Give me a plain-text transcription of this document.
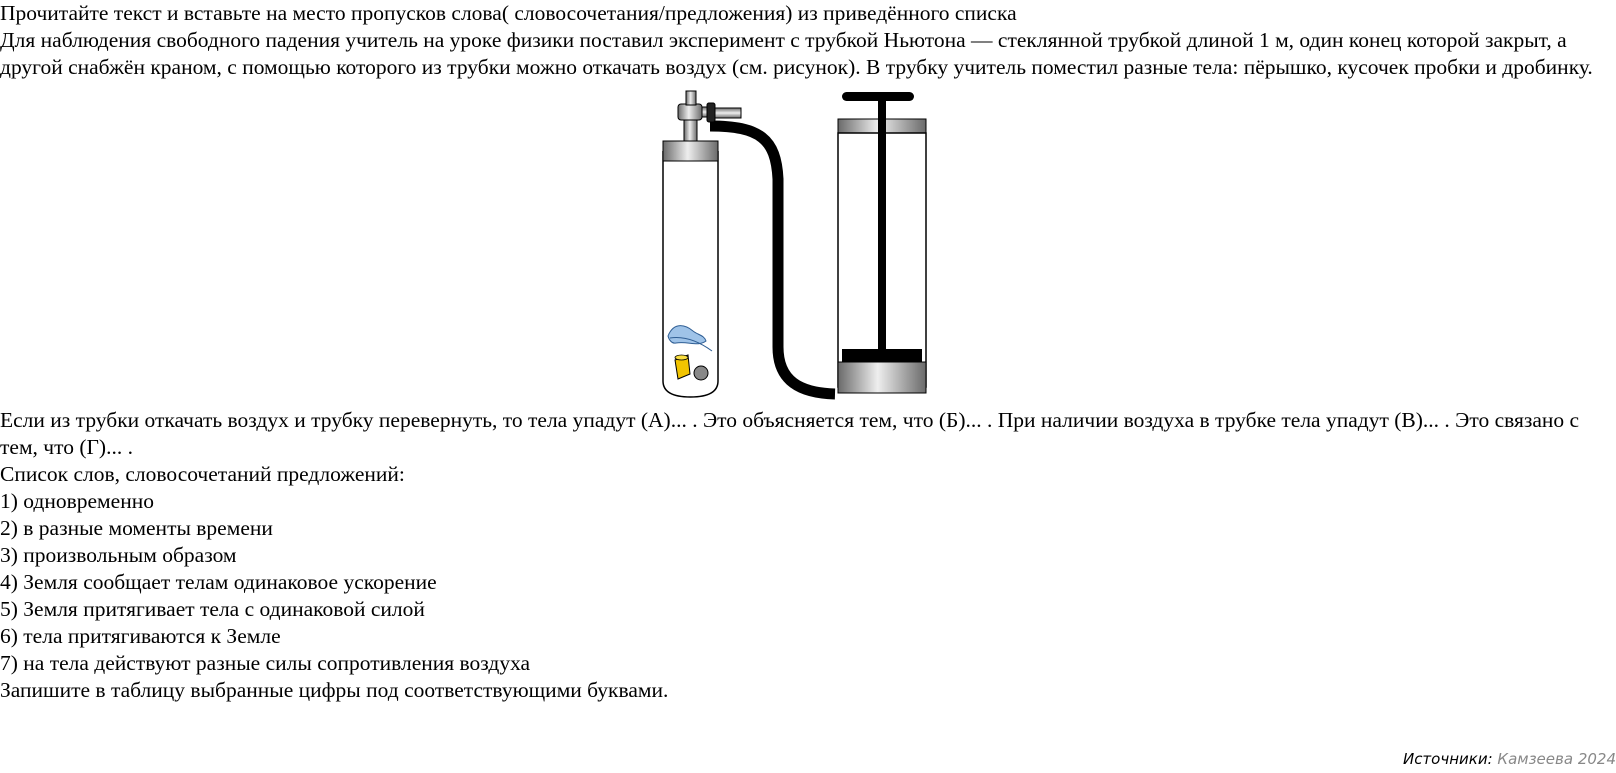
Прочитайте текст и вставьте на место пропусков слова( словосочетания/предложения) из приведённого списка

Для наблюдения свободного падения учитель на уроке физики поставил эксперимент с трубкой Ньютона — стеклянной трубкой длиной 1 м, один конец которой закрыт, а другой снабжён краном, с помощью которого из трубки можно откачать воздух (см. рисунок). В трубку учитель поместил разные тела: пёрышко, кусочек пробки и дробинку.

Если из трубки откачать воздух и трубку перевернуть, то тела упадут (А)... . Это объясняется тем, что (Б)... . При наличии воздуха в трубке тела упадут (В)... . Это связано с тем, что (Г)... .

Список слов, словосочетаний предложений:

1) одновременно
2) в разные моменты времени
3) произвольным образом
4) Земля сообщает телам одинаковое ускорение
5) Земля притягивает тела с одинаковой силой
6) тела притягиваются к Земле
7) на тела действуют разные силы сопротивления воздуха

Запишите в таблицу выбранные цифры под соответствующими буквами.

Источники: Камзеева 2024
